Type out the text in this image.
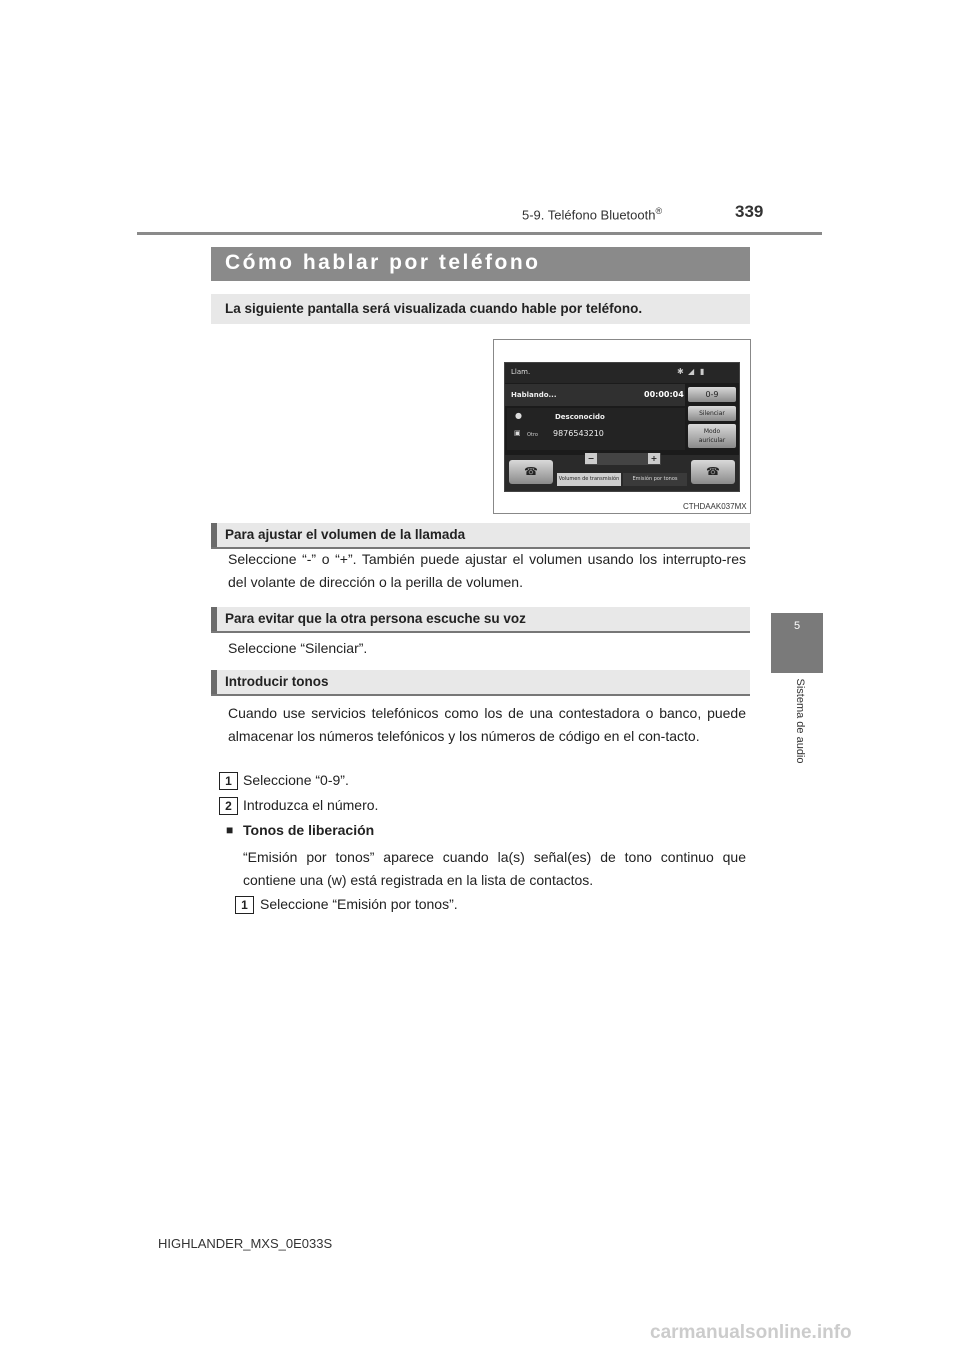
5-9. Teléfono Bluetooth®	339
5
Sistema de audio
Cómo hablar por teléfono
La siguiente pantalla será visualizada cuando hable por teléfono.
Llam.	✱ ◢ ▮
Hablando...	00:00:04	0-9
Silenciar
Modo
auricular
●	Desconocido
▣ Otro 9876543210
☎	☎
−	+
Volumen de transmisión	Emisión por tonos
CTHDAAK037MX
Para ajustar el volumen de la llamada
Seleccione “-” o “+”. También puede ajustar el volumen usando los interrupto-res del volante de dirección o la perilla de volumen.
Para evitar que la otra persona escuche su voz
Seleccione “Silenciar”.
Introducir tonos
Cuando use servicios telefónicos como los de una contestadora o banco, puede almacenar los números telefónicos y los números de código en el con-tacto.
1 Seleccione “0-9”.
2 Introduzca el número.
■ Tonos de liberación
“Emisión por tonos” aparece cuando la(s) señal(es) de tono continuo que contiene una (w) está registrada en la lista de contactos.
1 Seleccione “Emisión por tonos”.
HIGHLANDER_MXS_0E033S
carmanualsonline.info
